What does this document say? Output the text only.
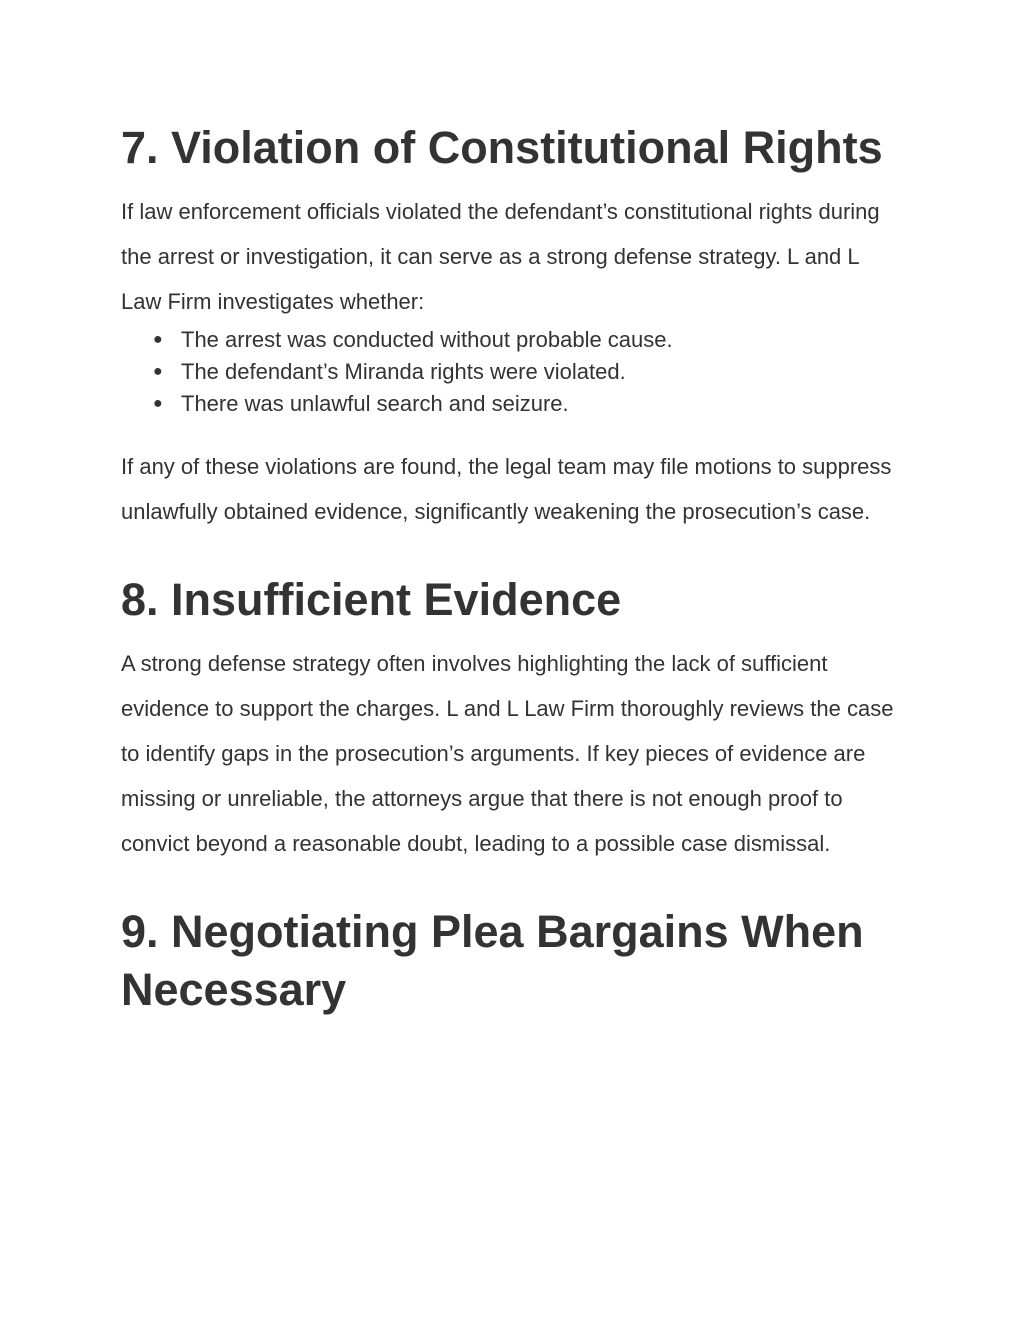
7. Violation of Constitutional Rights

If law enforcement officials violated the defendant’s constitutional rights during the arrest or investigation, it can serve as a strong defense strategy. L and L Law Firm investigates whether:

● The arrest was conducted without probable cause.
● The defendant’s Miranda rights were violated.
● There was unlawful search and seizure.

If any of these violations are found, the legal team may file motions to suppress unlawfully obtained evidence, significantly weakening the prosecution’s case.

8. Insufficient Evidence

A strong defense strategy often involves highlighting the lack of sufficient evidence to support the charges. L and L Law Firm thoroughly reviews the case to identify gaps in the prosecution’s arguments. If key pieces of evidence are missing or unreliable, the attorneys argue that there is not enough proof to convict beyond a reasonable doubt, leading to a possible case dismissal.

9. Negotiating Plea Bargains When Necessary
